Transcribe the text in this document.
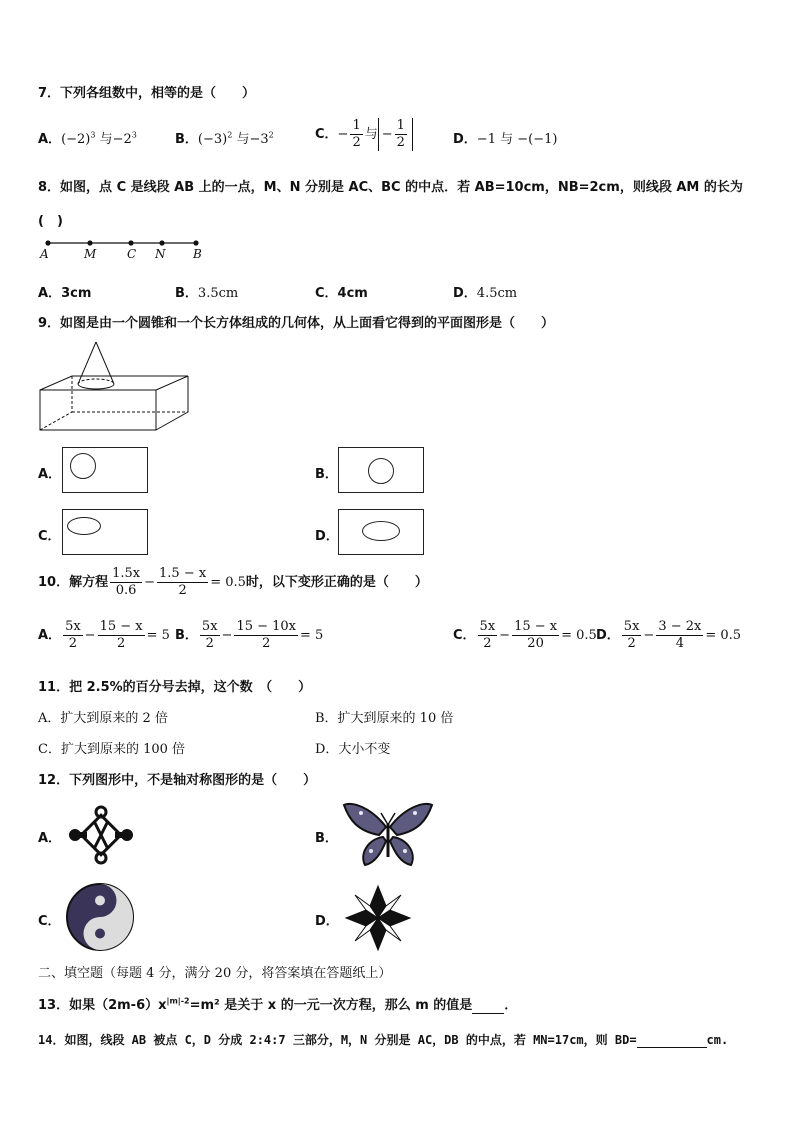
7．下列各组数中，相等的是（　　）
A．$(-2)^3$ 与$-2^3$	B．$(-3)^2$ 与$-3^2$	C．− $\frac{1}{2}$ 与 − $\frac{1}{2}$	D．−1 与 −(−1)
8．如图，点 C 是线段 AB 上的一点，M、N 分别是 AC、BC 的中点．若 AB=10cm，NB=2cm，则线段 AM 的长为
(　)
A	M	C N B
A．3cm	B．3.5cm	C．4cm	D．4.5cm
9．如图是由一个圆锥和一个长方体组成的几何体，从上面看它得到的平面图形是（　　）
A．	B．
C．	D．
10．解方程 $\frac{1.5x}{0.6} - \frac{1.5 - x}{2} = 0.5$时，以下变形正确的是（　　）
A． $\frac{5x}{2} - \frac{15 - x}{2} = 5$ B． $\frac{5x}{2} - \frac{15 - 10x}{2} = 5$	C． $\frac{5x}{2} - \frac{15 - x}{20} = 0.5$ D． $\frac{5x}{2} - \frac{3 - 2x}{4} = 0.5$
11．把 2.5%的百分号去掉，这个数　（　　）
A．扩大到原来的 2 倍	B．扩大到原来的 10 倍
C．扩大到原来的 100 倍	D．大小不变
12．下列图形中，不是轴对称图形的是（　　）
A．	B．
C．	D．
二、填空题（每题 4 分，满分 20 分，将答案填在答题纸上）
13．如果$(2m-6)x^{|m|-2}=m^2$ 是关于 x 的一元一次方程，那么 m 的值是 ．
14．如图，线段 AB 被点 C，D 分成 2:4:7 三部分，M，N 分别是 AC，DB 的中点，若 MN=17cm，则 BD=	cm.
